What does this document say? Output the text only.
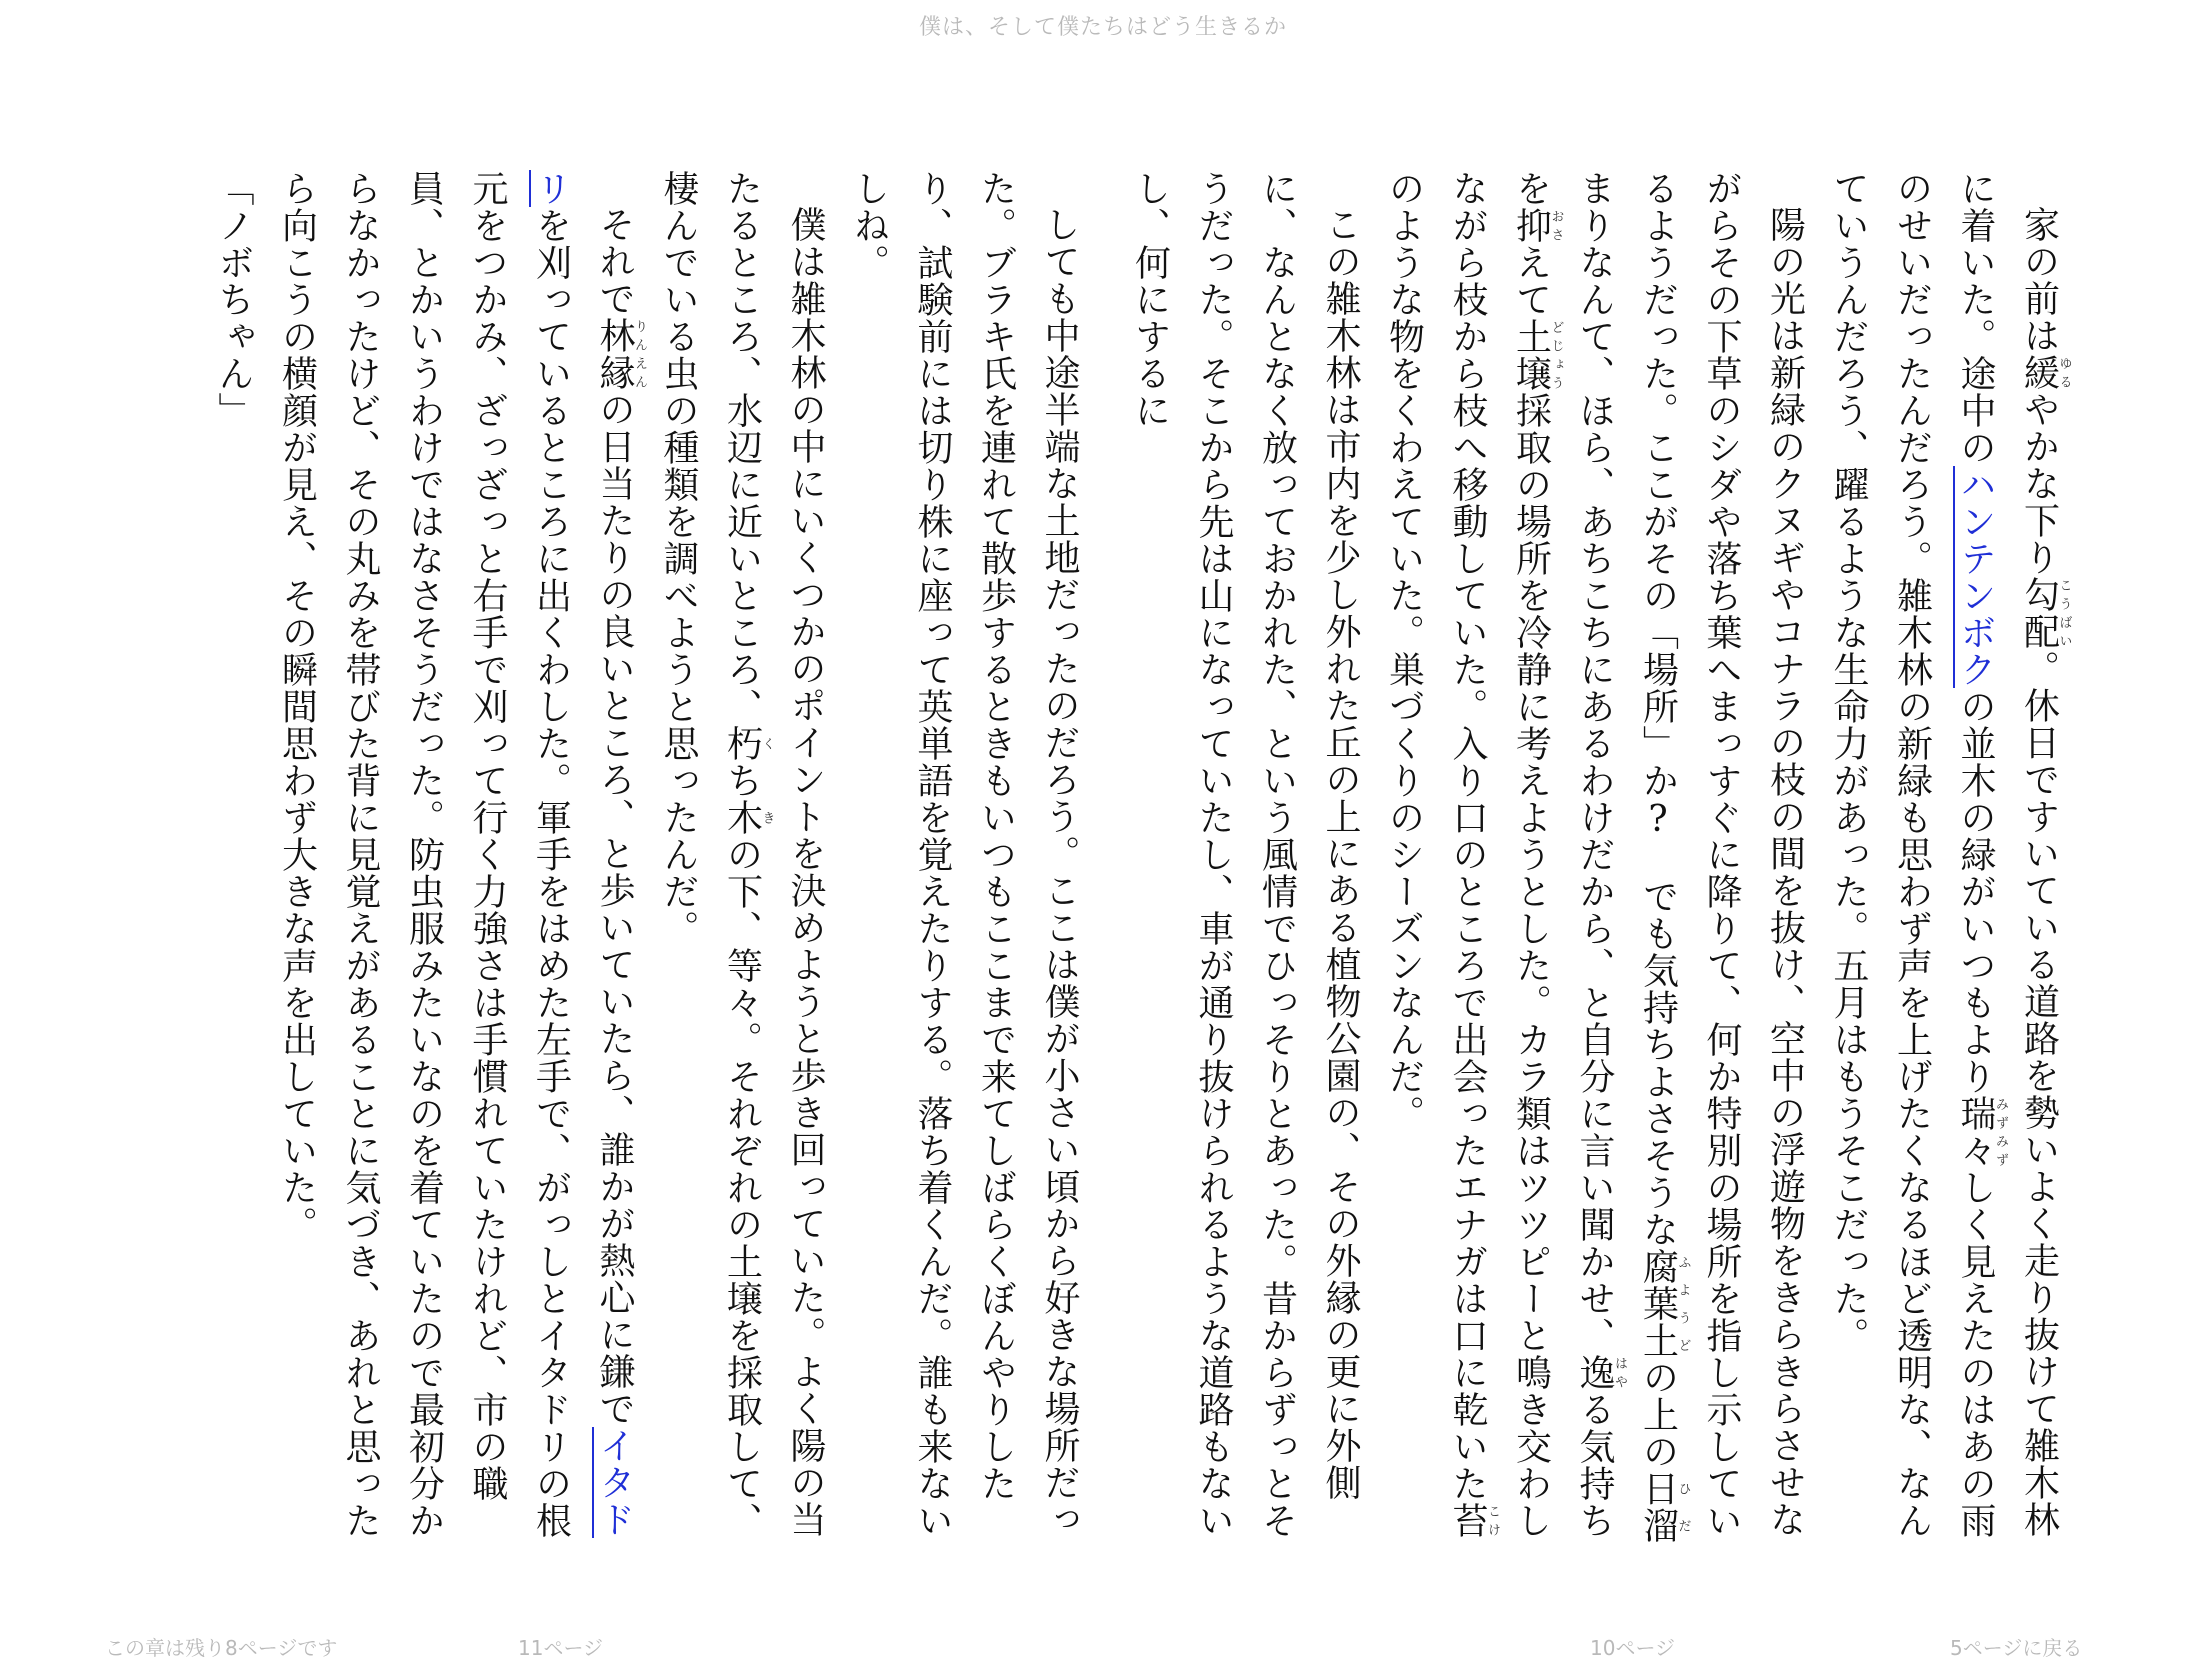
僕は、そして僕たちはどう生きるか

家の前は緩ゆるやかな下り勾配こうばい。休日ですいている道路を勢いよく走り抜けて雑木林に着いた。途中のハンテンボクの並木の緑がいつもより瑞々みずみずしく見えたのはあの雨のせいだったんだろう。雑木林の新緑も思わず声を上げたくなるほど透明な、なんていうんだろう、躍るような生命力があった。五月はもうそこだった。

陽の光は新緑のクヌギやコナラの枝の間を抜け、空中の浮遊物をきらきらさせながらその下草のシダや落ち葉へまっすぐに降りて、何か特別の場所を指し示しているようだった。ここがその「場所」か?　でも気持ちよさそうな腐葉土ふようどの上の日溜ひだまりなんて、ほら、あちこちにあるわけだから、と自分に言い聞かせ、逸はやる気持ちを抑おさえて土壌どじょう採取の場所を冷静に考えようとした。カラ類はツツピーと鳴き交わしながら枝から枝へ移動していた。入り口のところで出会ったエナガは口に乾いた苔こけのような物をくわえていた。巣づくりのシーズンなんだ。

この雑木林は市内を少し外れた丘の上にある植物公園の、その外縁の更に外側に、なんとなく放っておかれた、という風情でひっそりとあった。昔からずっとそうだった。そこから先は山になっていたし、車が通り抜けられるような道路もないし、何にするに

しても中途半端な土地だったのだろう。ここは僕が小さい頃から好きな場所だった。ブラキ氏を連れて散歩するときもいつもここまで来てしばらくぼんやりしたり、試験前には切り株に座って英単語を覚えたりする。落ち着くんだ。誰も来ないしね。

僕は雑木林の中にいくつかのポイントを決めようと歩き回っていた。よく陽の当たるところ、水辺に近いところ、朽くち木きの下、等々。それぞれの土壌を採取して、棲んでいる虫の種類を調べようと思ったんだ。

それで林縁りんえんの日当たりの良いところ、と歩いていたら、誰かが熱心に鎌でイタドリを刈っているところに出くわした。軍手をはめた左手で、がっしとイタドリの根元をつかみ、ざっざっと右手で刈って行く力強さは手慣れていたけれど、市の職員、とかいうわけではなさそうだった。防虫服みたいなのを着ていたので最初分からなかったけど、その丸みを帯びた背に見覚えがあることに気づき、あれと思ったら向こうの横顔が見え、その瞬間思わず大きな声を出していた。

「ノボちゃん」

この章は残り8ページです	11ページ	10ページ	5ページに戻る
